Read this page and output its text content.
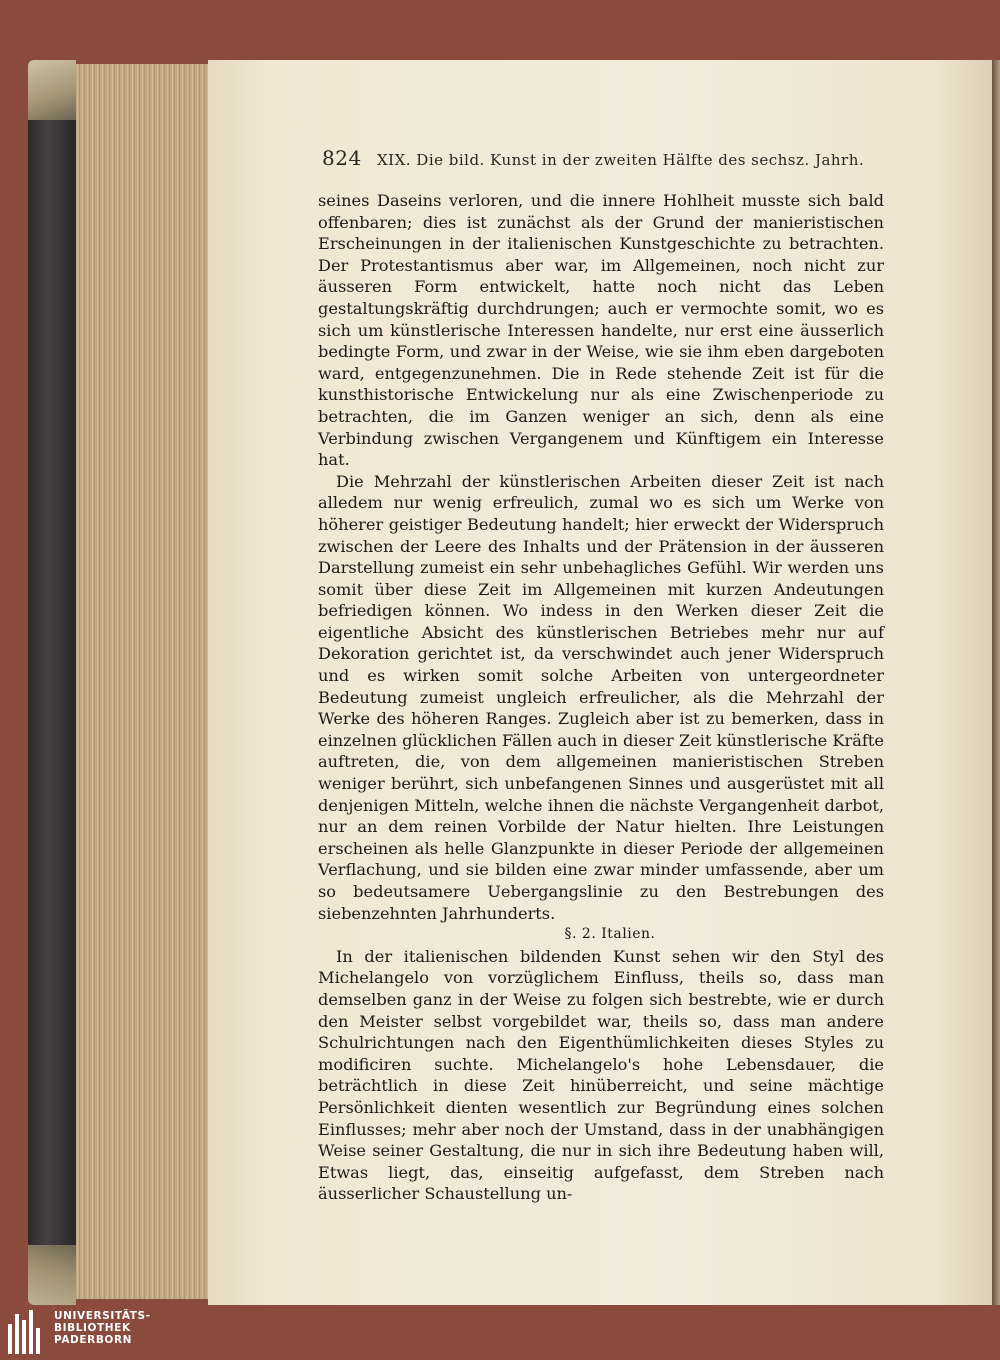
824 XIX. Die bild. Kunst in der zweiten Hälfte des sechsz. Jahrh.

seines Daseins verloren, und die innere Hohlheit musste sich bald offenbaren; dies ist zunächst als der Grund der manieristischen Erscheinungen in der italienischen Kunstgeschichte zu betrachten. Der Protestantismus aber war, im Allgemeinen, noch nicht zur äusseren Form entwickelt, hatte noch nicht das Leben gestaltungskräftig durchdrungen; auch er vermochte somit, wo es sich um künstlerische Interessen handelte, nur erst eine äusserlich bedingte Form, und zwar in der Weise, wie sie ihm eben dargeboten ward, entgegenzunehmen. Die in Rede stehende Zeit ist für die kunsthistorische Entwickelung nur als eine Zwischenperiode zu betrachten, die im Ganzen weniger an sich, denn als eine Verbindung zwischen Vergangenem und Künftigem ein Interesse hat.

Die Mehrzahl der künstlerischen Arbeiten dieser Zeit ist nach alledem nur wenig erfreulich, zumal wo es sich um Werke von höherer geistiger Bedeutung handelt; hier erweckt der Widerspruch zwischen der Leere des Inhalts und der Prätension in der äusseren Darstellung zumeist ein sehr unbehagliches Gefühl. Wir werden uns somit über diese Zeit im Allgemeinen mit kurzen Andeutungen befriedigen können. Wo indess in den Werken dieser Zeit die eigentliche Absicht des künstlerischen Betriebes mehr nur auf Dekoration gerichtet ist, da verschwindet auch jener Widerspruch und es wirken somit solche Arbeiten von untergeordneter Bedeutung zumeist ungleich erfreulicher, als die Mehrzahl der Werke des höheren Ranges. Zugleich aber ist zu bemerken, dass in einzelnen glücklichen Fällen auch in dieser Zeit künstlerische Kräfte auftreten, die, von dem allgemeinen manieristischen Streben weniger berührt, sich unbefangenen Sinnes und ausgerüstet mit all denjenigen Mitteln, welche ihnen die nächste Vergangenheit darbot, nur an dem reinen Vorbilde der Natur hielten. Ihre Leistungen erscheinen als helle Glanzpunkte in dieser Periode der allgemeinen Verflachung, und sie bilden eine zwar minder umfassende, aber um so bedeutsamere Uebergangslinie zu den Bestrebungen des siebenzehnten Jahrhunderts.

§. 2. Italien.

In der italienischen bildenden Kunst sehen wir den Styl des Michelangelo von vorzüglichem Einfluss, theils so, dass man demselben ganz in der Weise zu folgen sich bestrebte, wie er durch den Meister selbst vorgebildet war, theils so, dass man andere Schulrichtungen nach den Eigenthümlichkeiten dieses Styles zu modificiren suchte. Michelangelo's hohe Lebensdauer, die beträchtlich in diese Zeit hinüberreicht, und seine mächtige Persönlichkeit dienten wesentlich zur Begründung eines solchen Einflusses; mehr aber noch der Umstand, dass in der unabhängigen Weise seiner Gestaltung, die nur in sich ihre Bedeutung haben will, Etwas liegt, das, einseitig aufgefasst, dem Streben nach äusserlicher Schaustellung un-

UNIVERSITÄTS-
BIBLIOTHEK
PADERBORN
